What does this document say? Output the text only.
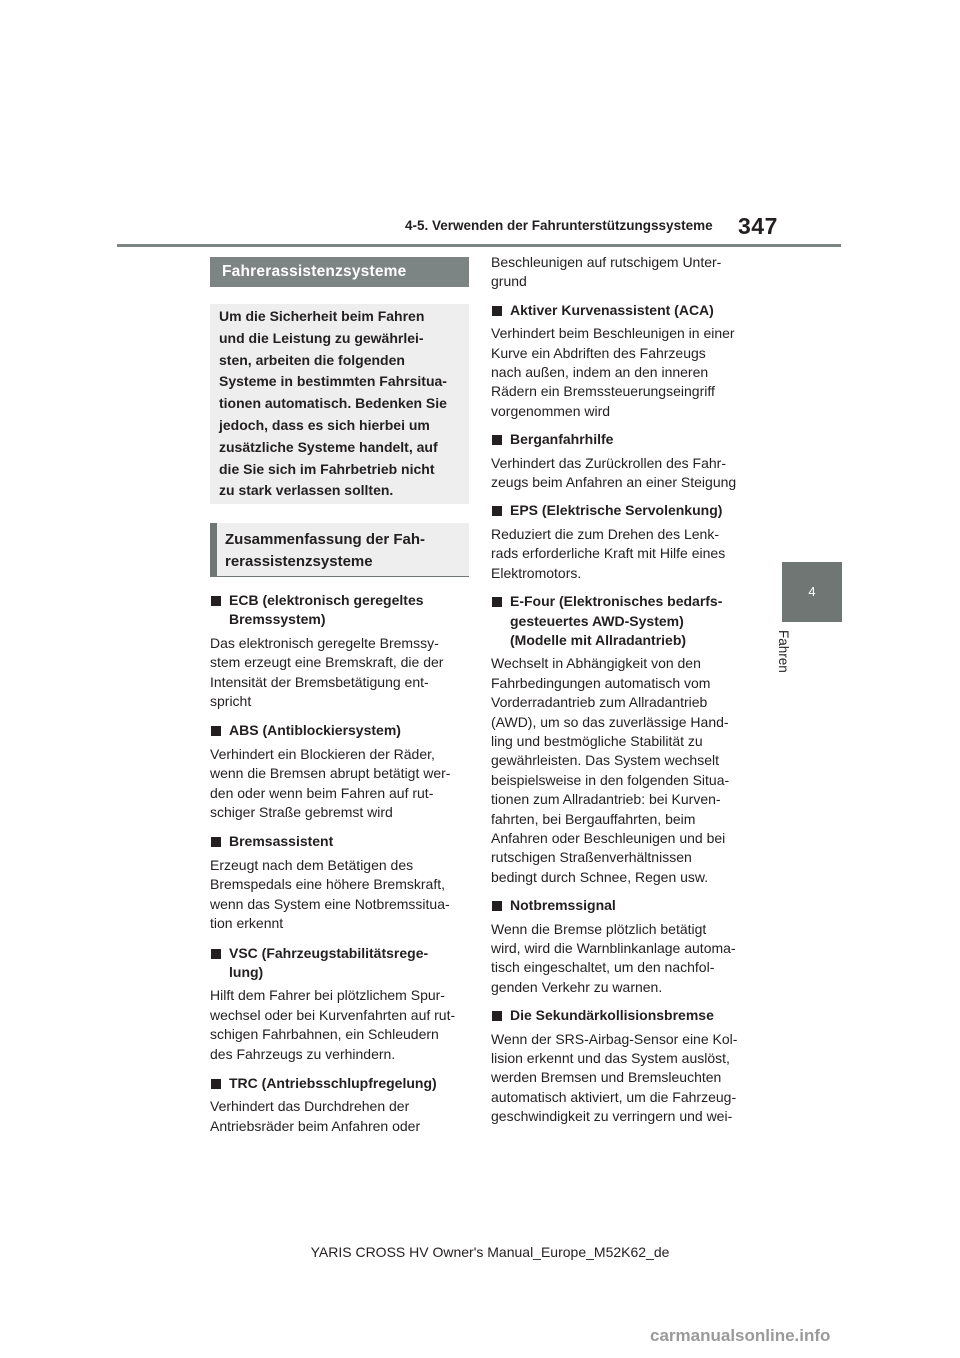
4-5. Verwenden der Fahrunterstützungssysteme 347
4
Fahren
Fahrerassistenzsysteme
Um die Sicherheit beim Fahren
und die Leistung zu gewährlei-
sten, arbeiten die folgenden
Systeme in bestimmten Fahrsitua-
tionen automatisch. Bedenken Sie
jedoch, dass es sich hierbei um
zusätzliche Systeme handelt, auf
die Sie sich im Fahrbetrieb nicht
zu stark verlassen sollten.
Zusammenfassung der Fah-
rerassistenzsysteme
ECB (elektronisch geregeltes
Bremssystem)
Das elektronisch geregelte Bremssy-
stem erzeugt eine Bremskraft, die der
Intensität der Bremsbetätigung ent-
spricht
ABS (Antiblockiersystem)
Verhindert ein Blockieren der Räder,
wenn die Bremsen abrupt betätigt wer-
den oder wenn beim Fahren auf rut-
schiger Straße gebremst wird
Bremsassistent
Erzeugt nach dem Betätigen des
Bremspedals eine höhere Bremskraft,
wenn das System eine Notbremssitua-
tion erkennt
VSC (Fahrzeugstabilitätsrege-
lung)
Hilft dem Fahrer bei plötzlichem Spur-
wechsel oder bei Kurvenfahrten auf rut-
schigen Fahrbahnen, ein Schleudern
des Fahrzeugs zu verhindern.
TRC (Antriebsschlupfregelung)
Verhindert das Durchdrehen der
Antriebsräder beim Anfahren oder
Beschleunigen auf rutschigem Unter-
grund
Aktiver Kurvenassistent (ACA)
Verhindert beim Beschleunigen in einer
Kurve ein Abdriften des Fahrzeugs
nach außen, indem an den inneren
Rädern ein Bremssteuerungseingriff
vorgenommen wird
Berganfahrhilfe
Verhindert das Zurückrollen des Fahr-
zeugs beim Anfahren an einer Steigung
EPS (Elektrische Servolenkung)
Reduziert die zum Drehen des Lenk-
rads erforderliche Kraft mit Hilfe eines
Elektromotors.
E-Four (Elektronisches bedarfs-
gesteuertes AWD-System)
(Modelle mit Allradantrieb)
Wechselt in Abhängigkeit von den
Fahrbedingungen automatisch vom
Vorderradantrieb zum Allradantrieb
(AWD), um so das zuverlässige Hand-
ling und bestmögliche Stabilität zu
gewährleisten. Das System wechselt
beispielsweise in den folgenden Situa-
tionen zum Allradantrieb: bei Kurven-
fahrten, bei Bergauffahrten, beim
Anfahren oder Beschleunigen und bei
rutschigen Straßenverhältnissen
bedingt durch Schnee, Regen usw.
Notbremssignal
Wenn die Bremse plötzlich betätigt
wird, wird die Warnblinkanlage automa-
tisch eingeschaltet, um den nachfol-
genden Verkehr zu warnen.
Die Sekundärkollisionsbremse
Wenn der SRS-Airbag-Sensor eine Kol-
lision erkennt und das System auslöst,
werden Bremsen und Bremsleuchten
automatisch aktiviert, um die Fahrzeug-
geschwindigkeit zu verringern und wei-
YARIS CROSS HV Owner's Manual_Europe_M52K62_de
carmanualsonline.info
